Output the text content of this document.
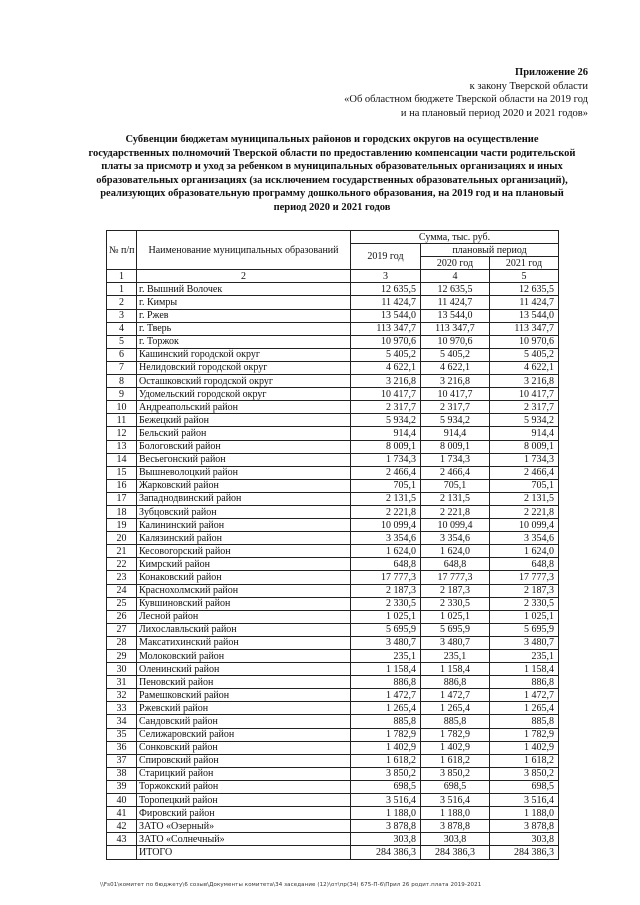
Приложение 26
к закону Тверской области
«Об областном бюджете Тверской области на 2019 год
и на плановый период 2020 и 2021 годов»
Субвенции бюджетам муниципальных районов и городских округов на осуществление государственных полномочий Тверской области по предоставлению компенсации части родительской платы за присмотр и уход за ребенком в муниципальных образовательных организациях и иных образовательных организациях (за исключением государственных образовательных организаций), реализующих образовательную программу дошкольного образования, на 2019 год и на плановый период 2020 и 2021 годов
№ п/п	Наименование муниципальных образований	Сумма, тыс. руб.		
		2019 год	плановый период	
			2020 год	2021 год
1	2	3	4	5
1	г. Вышний Волочек	12 635,5	12 635,5	12 635,5
2	г. Кимры	11 424,7	11 424,7	11 424,7
3	г. Ржев	13 544,0	13 544,0	13 544,0
4	г. Тверь	113 347,7	113 347,7	113 347,7
5	г. Торжок	10 970,6	10 970,6	10 970,6
6	Кашинский городской округ	5 405,2	5 405,2	5 405,2
7	Нелидовский городской округ	4 622,1	4 622,1	4 622,1
8	Осташковский городской округ	3 216,8	3 216,8	3 216,8
9	Удомельский городской округ	10 417,7	10 417,7	10 417,7
10	Андреапольский район	2 317,7	2 317,7	2 317,7
11	Бежецкий район	5 934,2	5 934,2	5 934,2
12	Бельский район	914,4	914,4	914,4
13	Бологовский район	8 009,1	8 009,1	8 009,1
14	Весьегонский район	1 734,3	1 734,3	1 734,3
15	Вышневолоцкий район	2 466,4	2 466,4	2 466,4
16	Жарковский район	705,1	705,1	705,1
17	Западнодвинский район	2 131,5	2 131,5	2 131,5
18	Зубцовский район	2 221,8	2 221,8	2 221,8
19	Калининский район	10 099,4	10 099,4	10 099,4
20	Калязинский район	3 354,6	3 354,6	3 354,6
21	Кесовогорский район	1 624,0	1 624,0	1 624,0
22	Кимрский район	648,8	648,8	648,8
23	Конаковский район	17 777,3	17 777,3	17 777,3
24	Краснохолмский район	2 187,3	2 187,3	2 187,3
25	Кувшиновский район	2 330,5	2 330,5	2 330,5
26	Лесной район	1 025,1	1 025,1	1 025,1
27	Лихославльский район	5 695,9	5 695,9	5 695,9
28	Максатихинский район	3 480,7	3 480,7	3 480,7
29	Молоковский район	235,1	235,1	235,1
30	Оленинский район	1 158,4	1 158,4	1 158,4
31	Пеновский район	886,8	886,8	886,8
32	Рамешковский район	1 472,7	1 472,7	1 472,7
33	Ржевский район	1 265,4	1 265,4	1 265,4
34	Сандовский район	885,8	885,8	885,8
35	Селижаровский район	1 782,9	1 782,9	1 782,9
36	Сонковский район	1 402,9	1 402,9	1 402,9
37	Спировский район	1 618,2	1 618,2	1 618,2
38	Старицкий район	3 850,2	3 850,2	3 850,2
39	Торжокский район	698,5	698,5	698,5
40	Торопецкий район	3 516,4	3 516,4	3 516,4
41	Фировский район	1 188,0	1 188,0	1 188,0
42	ЗАТО «Озерный»	3 878,8	3 878,8	3 878,8
43	ЗАТО «Солнечный»	303,8	303,8	303,8
	ИТОГО	284 386,3	284 386,3	284 386,3
\\Fs01\комитет по бюджету\6 созыв\Документы комитета\34 заседание (12)\от\пр(34) 675-П-6\Прил 26 родит.плата 2019-2021
